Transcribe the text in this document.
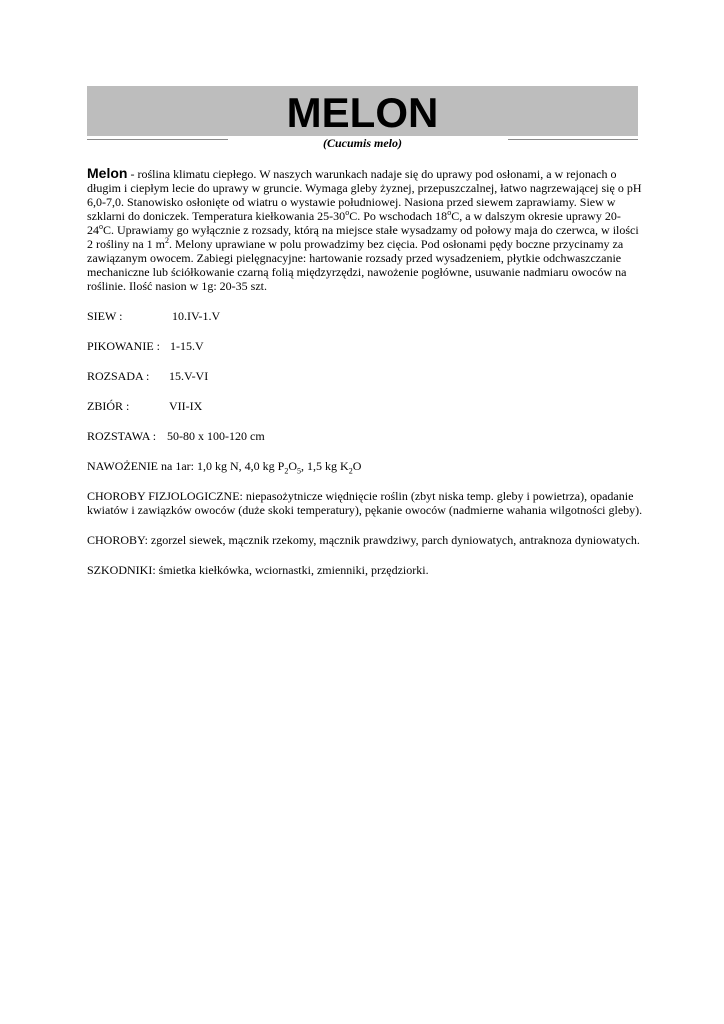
MELON
(Cucumis melo)

Melon - roślina klimatu ciepłego. W naszych warunkach nadaje się do uprawy pod osłonami, a w rejonach o długim i ciepłym lecie do uprawy w gruncie. Wymaga gleby żyznej, przepuszczalnej, łatwo nagrzewającej się o pH 6,0-7,0. Stanowisko osłonięte od wiatru o wystawie południowej. Nasiona przed siewem zaprawiamy. Siew w szklarni do doniczek. Temperatura kiełkowania 25-30$^o$C. Po wschodach 18$^o$C, a w dalszym okresie uprawy 20-24$^o$C. Uprawiamy go wyłącznie z rozsady, którą na miejsce stałe wysadzamy od połowy maja do czerwca, w ilości 2 rośliny na 1 $m^2$. Melony uprawiane w polu prowadzimy bez cięcia. Pod osłonami pędy boczne przycinamy za zawiązanym owocem. Zabiegi pielęgnacyjne: hartowanie rozsady przed wysadzeniem, płytkie odchwaszczanie mechaniczne lub ściółkowanie czarną folią międzyrzędzi, nawożenie pogłówne, usuwanie nadmiaru owoców na roślinie. Ilość nasion w 1g: 20-35 szt.

SIEW :	10.IV-1.V
PIKOWANIE : 1-15.V
ROZSADA : 15.V-VI
ZBIÓR :	VII-IX
ROZSTAWA : 50-80 x 100-120 cm

NAWOŻENIE na 1ar: 1,0 kg N, 4,0 kg $P_2O_5$, 1,5 kg $K_2O$

CHOROBY FIZJOLOGICZNE: niepasożytnicze więdnięcie roślin (zbyt niska temp. gleby i powietrza), opadanie kwiatów i zawiązków owoców (duże skoki temperatury), pękanie owoców (nadmierne wahania wilgotności gleby).

CHOROBY: zgorzel siewek, mącznik rzekomy, mącznik prawdziwy, parch dyniowatych, antraknoza dyniowatych.

SZKODNIKI: śmietka kiełkówka, wciornastki, zmienniki, przędziorki.
